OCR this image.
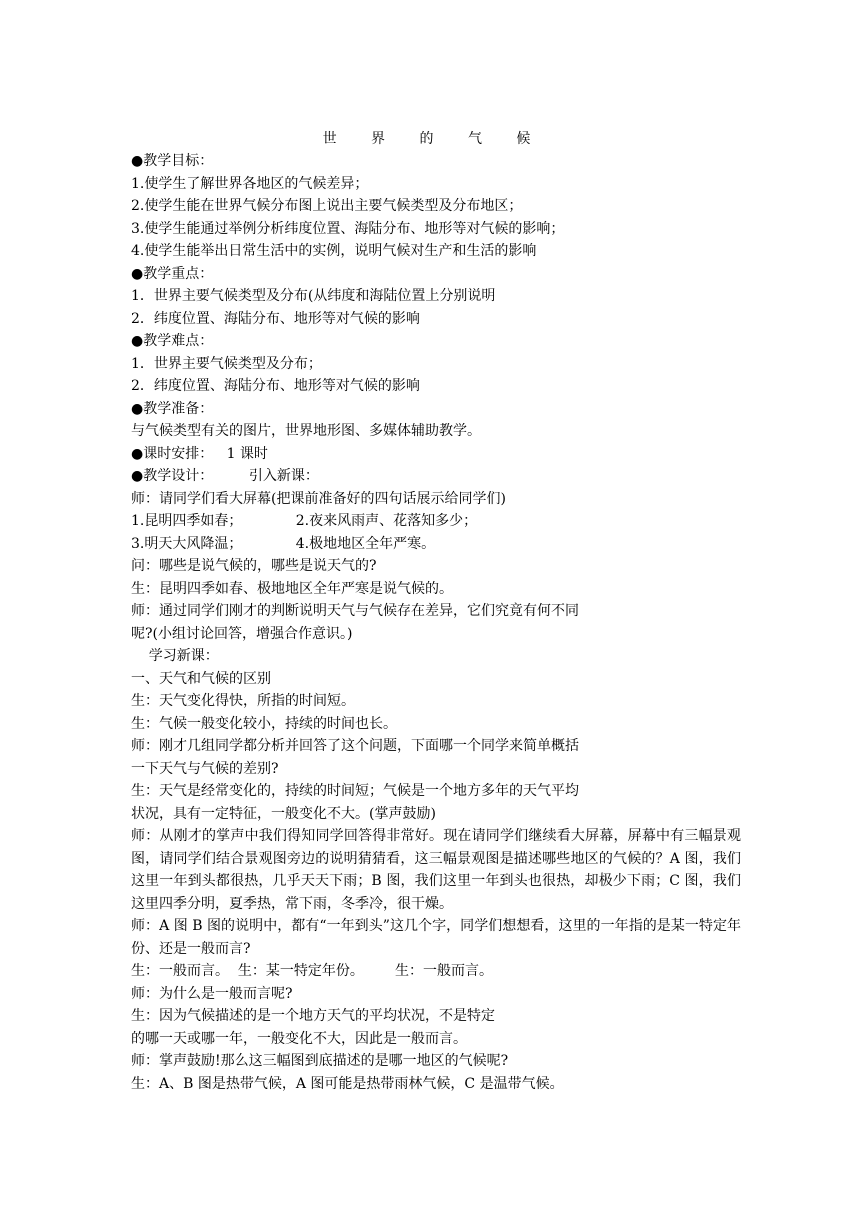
世 界 的 气 候
●教学目标：
1.使学生了解世界各地区的气候差异；
2.使学生能在世界气候分布图上说出主要气候类型及分布地区；
3.使学生能通过举例分析纬度位置、海陆分布、地形等对气候的影响；
4.使学生能举出日常生活中的实例，说明气候对生产和生活的影响
●教学重点：
1．世界主要气候类型及分布(从纬度和海陆位置上分别说明
2．纬度位置、海陆分布、地形等对气候的影响
●教学难点：
1．世界主要气候类型及分布；
2．纬度位置、海陆分布、地形等对气候的影响
●教学准备：
与气候类型有关的图片，世界地形图、多媒体辅助教学。
●课时安排：   1 课时
●教学设计：        引入新课：
师：请同学们看大屏幕(把课前准备好的四句话展示给同学们)
1.昆明四季如春；            2.夜来风雨声、花落知多少；
3.明天大风降温；            4.极地地区全年严寒。
问：哪些是说气候的，哪些是说天气的?
生：昆明四季如春、极地地区全年严寒是说气候的。
师：通过同学们刚才的判断说明天气与气候存在差异，它们究竟有何不同
呢?(小组讨论回答，增强合作意识。)
学习新课：
一、天气和气候的区别
生：天气变化得快，所指的时间短。
生：气候一般变化较小，持续的时间也长。
师：刚才几组同学都分析并回答了这个问题，下面哪一个同学来简单概括
一下天气与气候的差别?
生：天气是经常变化的，持续的时间短；气候是一个地方多年的天气平均
状况，具有一定特征，一般变化不大。(掌声鼓励)
师：从刚才的掌声中我们得知同学回答得非常好。现在请同学们继续看大屏幕，屏幕中有三幅景观图，请同学们结合景观图旁边的说明猜猜看，这三幅景观图是描述哪些地区的气候的？A 图，我们这里一年到头都很热，几乎天天下雨；B 图，我们这里一年到头也很热，却极少下雨；C 图，我们这里四季分明，夏季热，常下雨，冬季冷，很干燥。
师：A 图 B 图的说明中，都有“一年到头”这几个字，同学们想想看，这里的一年指的是某一特定年份、还是一般而言?
生：一般而言。  生：某一特定年份。       生：一般而言。
师：为什么是一般而言呢?
生：因为气候描述的是一个地方天气的平均状况，不是特定
的哪一天或哪一年，一般变化不大，因此是一般而言。
师：掌声鼓励!那么这三幅图到底描述的是哪一地区的气候呢?
生：A、B 图是热带气候，A 图可能是热带雨林气候，C 是温带气候。
